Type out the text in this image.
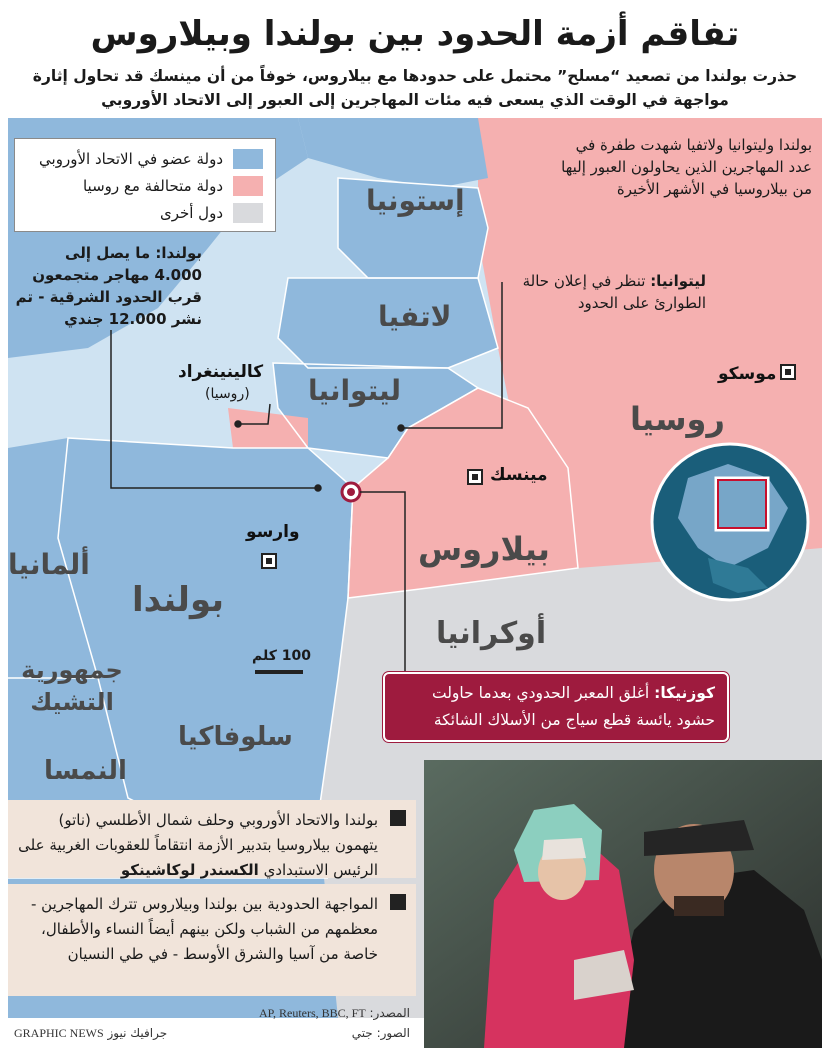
تفاقم أزمة الحدود بين بولندا وبيلاروس
حذرت بولندا من تصعيد “مسلح” محتمل على حدودها مع بيلاروس، خوفاً من أن مينسك قد تحاول إثارة مواجهة في الوقت الذي يسعى فيه مئات المهاجرين إلى العبور إلى الاتحاد الأوروبي
دولة عضو في الاتحاد الأوروبي
دولة متحالفة مع روسيا
دول أخرى	إستونيا
لاتفيا
ليتوانيا
روسيا
بيلاروس
بولندا
أوكرانيا
ألمانيا
جمهورية التشيك
سلوفاكيا
النمسا
موسكو
مينسك
وارسو
كالينينغراد
(روسيا)
100 كلم
بولندا وليتوانيا ولاتفيا شهدت طفرة في عدد المهاجرين الذين يحاولون العبور إليها من بيلاروسيا في الأشهر الأخيرة
ليتوانيا: تنظر في إعلان حالة الطوارئ على الحدود
بولندا: ما يصل إلى 4.000 مهاجر متجمعون قرب الحدود الشرقية - تم نشر 12.000 جندي
كوزنيكا: أغلق المعبر الحدودي بعدما حاولت حشود يائسة قطع سياج من الأسلاك الشائكة
بولندا والاتحاد الأوروبي وحلف شمال الأطلسي (ناتو) يتهمون بيلاروسيا بتدبير الأزمة انتقاماً للعقوبات الغربية على الرئيس الاستبدادي الكسندر لوكاشينكو
المواجهة الحدودية بين بولندا وبيلاروس تترك المهاجرين - معظمهم من الشباب ولكن بينهم أيضاً النساء والأطفال، خاصة من آسيا والشرق الأوسط - في طي النسيان
المصدر: AP, Reuters, BBC, FT
الصور: جتي
GRAPHIC NEWS جرافيك نيوز
